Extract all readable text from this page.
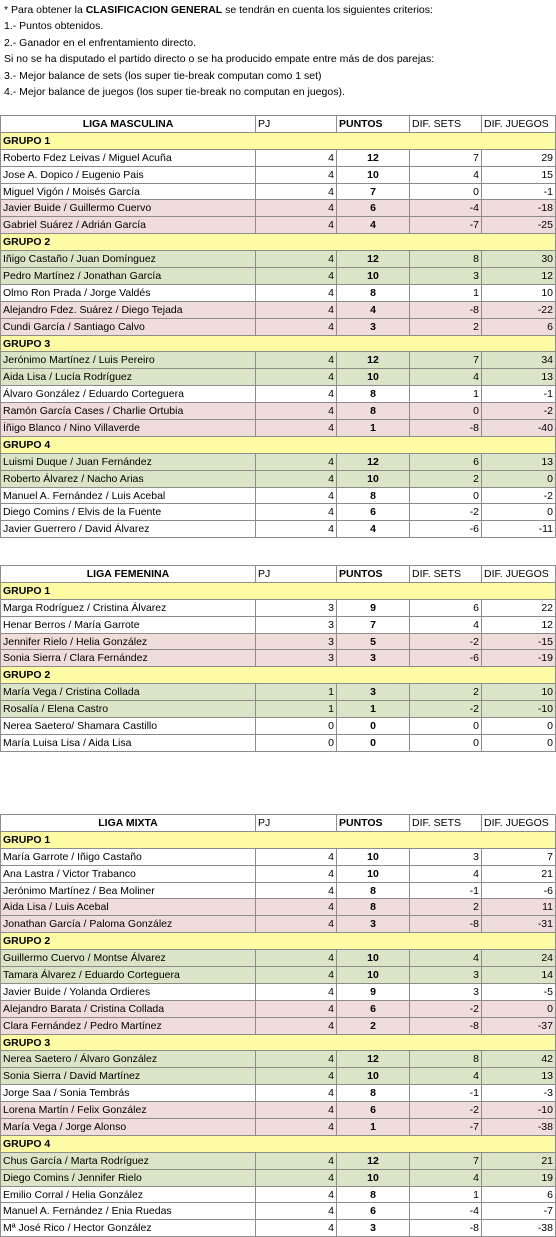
* Para obtener la CLASIFICACION GENERAL se tendrán en cuenta los siguientes criterios:

1.- Puntos obtenidos.

2.- Ganador en el enfrentamiento directo.

Si no se ha disputado el partido directo o se ha producido empate entre más de dos parejas:

3.- Mejor balance de sets (los super tie-break computan como 1 set)

4.- Mejor balance de juegos (los super tie-break no computan en juegos).

LIGA MASCULINA	PJ	PUNTOS	DIF. SETS	DIF. JUEGOS
GRUPO 1				
Roberto Fdez Leivas / Miguel Acuña	4	12	7	29
Jose A. Dopico / Eugenio Pais	4	10	4	15
Miguel Vigón / Moisés García	4	7	0	-1
Javier Buide / Guillermo Cuervo	4	6	-4	-18
Gabriel Suárez / Adrián García	4	4	-7	-25
GRUPO 2				
Iñigo Castaño / Juan Domínguez	4	12	8	30
Pedro Martínez / Jonathan García	4	10	3	12
Olmo Ron Prada / Jorge Valdés	4	8	1	10
Alejandro Fdez. Suárez / Diego Tejada	4	4	-8	-22
Cundi García / Santiago Calvo	4	3	2	6
GRUPO 3				
Jerónimo Martínez / Luis Pereiro	4	12	7	34
Aida Lisa / Lucía Rodríguez	4	10	4	13
Álvaro González / Eduardo Corteguera	4	8	1	-1
Ramón García Cases / Charlie Ortubia	4	8	0	-2
Íñigo Blanco / Nino Villaverde	4	1	-8	-40
GRUPO 4				
Luismi Duque / Juan Fernández	4	12	6	13
Roberto Álvarez / Nacho Arias	4	10	2	0
Manuel A. Fernández / Luis Acebal	4	8	0	-2
Diego Comins / Elvis de la Fuente	4	6	-2	0
Javier Guerrero / David Álvarez	4	4	-6	-11
LIGA FEMENINA	PJ	PUNTOS	DIF. SETS	DIF. JUEGOS
GRUPO 1				
Marga Rodríguez / Cristina Álvarez	3	9	6	22
Henar Berros / María Garrote	3	7	4	12
Jennifer Rielo / Helia González	3	5	-2	-15
Sonia Sierra / Clara Fernández	3	3	-6	-19
GRUPO 2				
María Vega / Cristina Collada	1	3	2	10
Rosalía / Elena Castro	1	1	-2	-10
Nerea Saetero/ Shamara Castillo	0	0	0	0
María Luisa Lisa / Aida Lisa	0	0	0	0
LIGA MIXTA	PJ	PUNTOS	DIF. SETS	DIF. JUEGOS
GRUPO 1				
María Garrote / Iñigo Castaño	4	10	3	7
Ana Lastra / Victor Trabanco	4	10	4	21
Jerónimo Martínez / Bea Moliner	4	8	-1	-6
Aida Lisa / Luis Acebal	4	8	2	11
Jonathan García / Paloma González	4	3	-8	-31
GRUPO 2				
Guillermo Cuervo / Montse Álvarez	4	10	4	24
Tamara Álvarez / Eduardo Corteguera	4	10	3	14
Javier Buide / Yolanda Ordieres	4	9	3	-5
Alejandro Barata / Cristina Collada	4	6	-2	0
Clara Fernández / Pedro Martínez	4	2	-8	-37
GRUPO 3				
Nerea Saetero / Álvaro González	4	12	8	42
Sonia Sierra / David Martínez	4	10	4	13
Jorge Saa / Sonia Tembrás	4	8	-1	-3
Lorena Martín / Felix González	4	6	-2	-10
María Vega / Jorge Alonso	4	1	-7	-38
GRUPO 4				
Chus García / Marta Rodríguez	4	12	7	21
Diego Comins / Jennifer Rielo	4	10	4	19
Emilio Corral / Helia González	4	8	1	6
Manuel A. Fernández / Enia Ruedas	4	6	-4	-7
Mª José Rico / Hector González	4	3	-8	-38
